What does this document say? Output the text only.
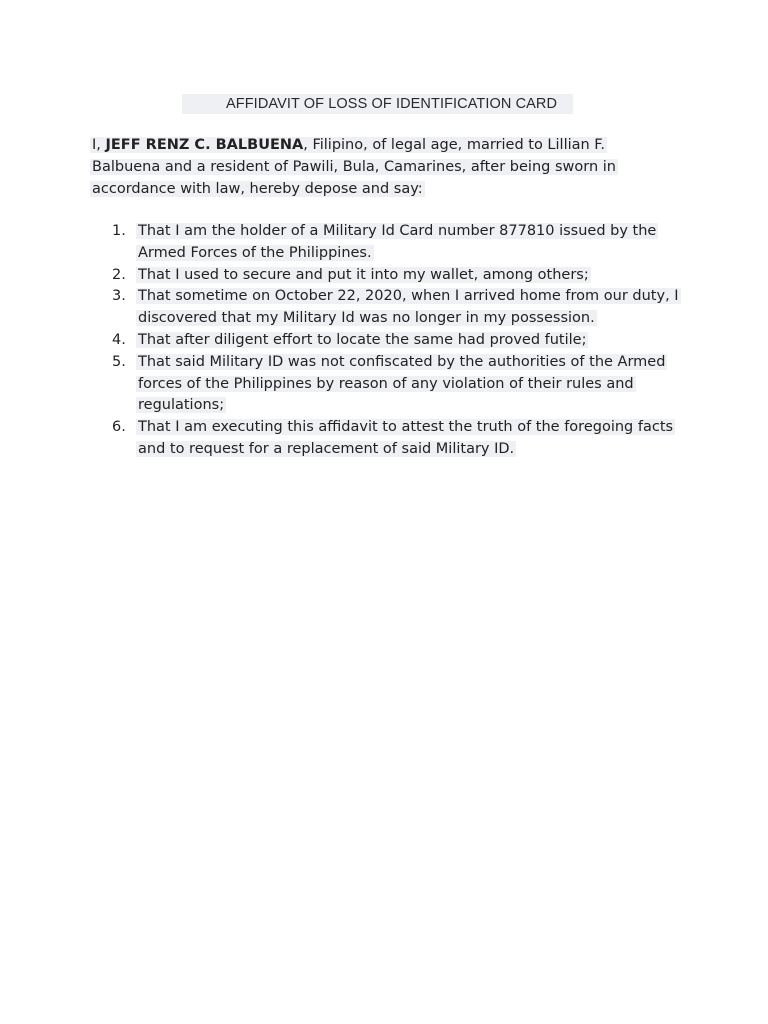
AFFIDAVIT OF LOSS OF IDENTIFICATION CARD

I, JEFF RENZ C. BALBUENA, Filipino, of legal age, married to Lillian F. Balbuena and a resident of Pawili, Bula, Camarines, after being sworn in accordance with law, hereby depose and say:

1. That I am the holder of a Military Id Card number 877810 issued by the Armed Forces of the Philippines.
2. That I used to secure and put it into my wallet, among others;
3. That sometime on October 22, 2020, when I arrived home from our duty, I discovered that my Military Id was no longer in my possession.
4. That after diligent effort to locate the same had proved futile;
5. That said Military ID was not confiscated by the authorities of the Armed forces of the Philippines by reason of any violation of their rules and regulations;
6. That I am executing this affidavit to attest the truth of the foregoing facts and to request for a replacement of said Military ID.
